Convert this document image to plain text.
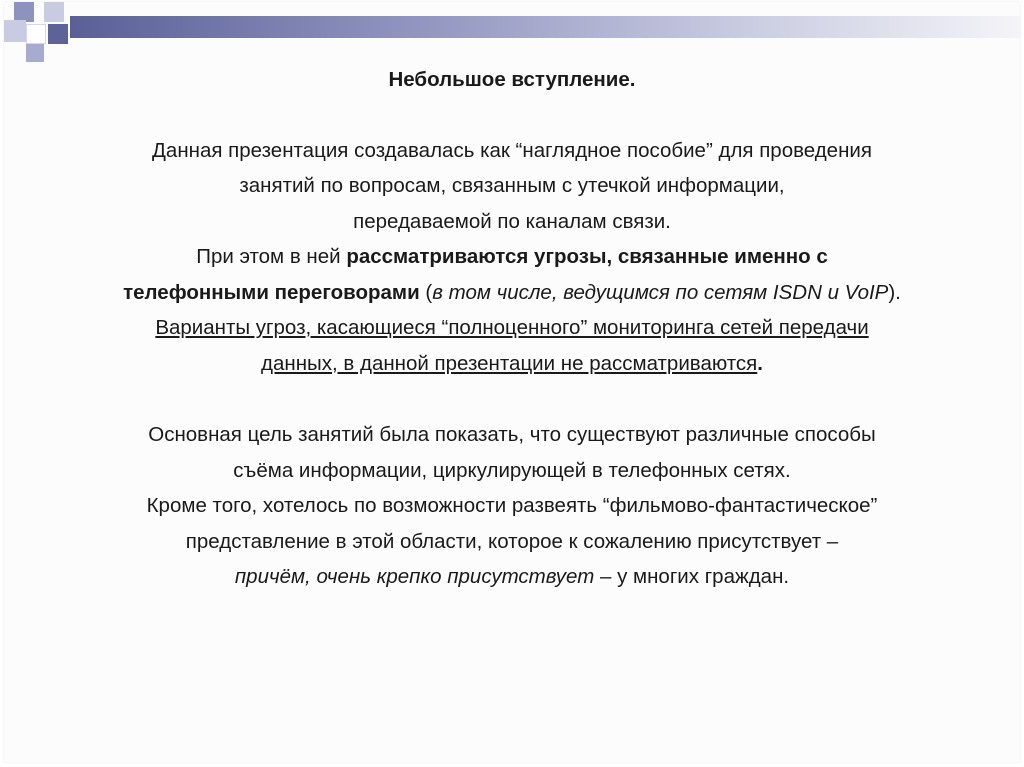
Небольшое вступление.

Данная презентация создавалась как “наглядное пособие” для проведения

занятий по вопросам, связанным с утечкой информации,

передаваемой по каналам связи.

При этом в ней рассматриваются угрозы, связанные именно с

телефонными переговорами (в том числе, ведущимся по сетям ISDN и VoIP).

Варианты угроз, касающиеся “полноценного” мониторинга сетей передачи

данных, в данной презентации не рассматриваются.

Основная цель занятий была показать, что существуют различные способы

съёма информации, циркулирующей в телефонных сетях.

Кроме того, хотелось по возможности развеять “фильмово-фантастическое”

представление в этой области, которое к сожалению присутствует –

причём, очень крепко присутствует – у многих граждан.
